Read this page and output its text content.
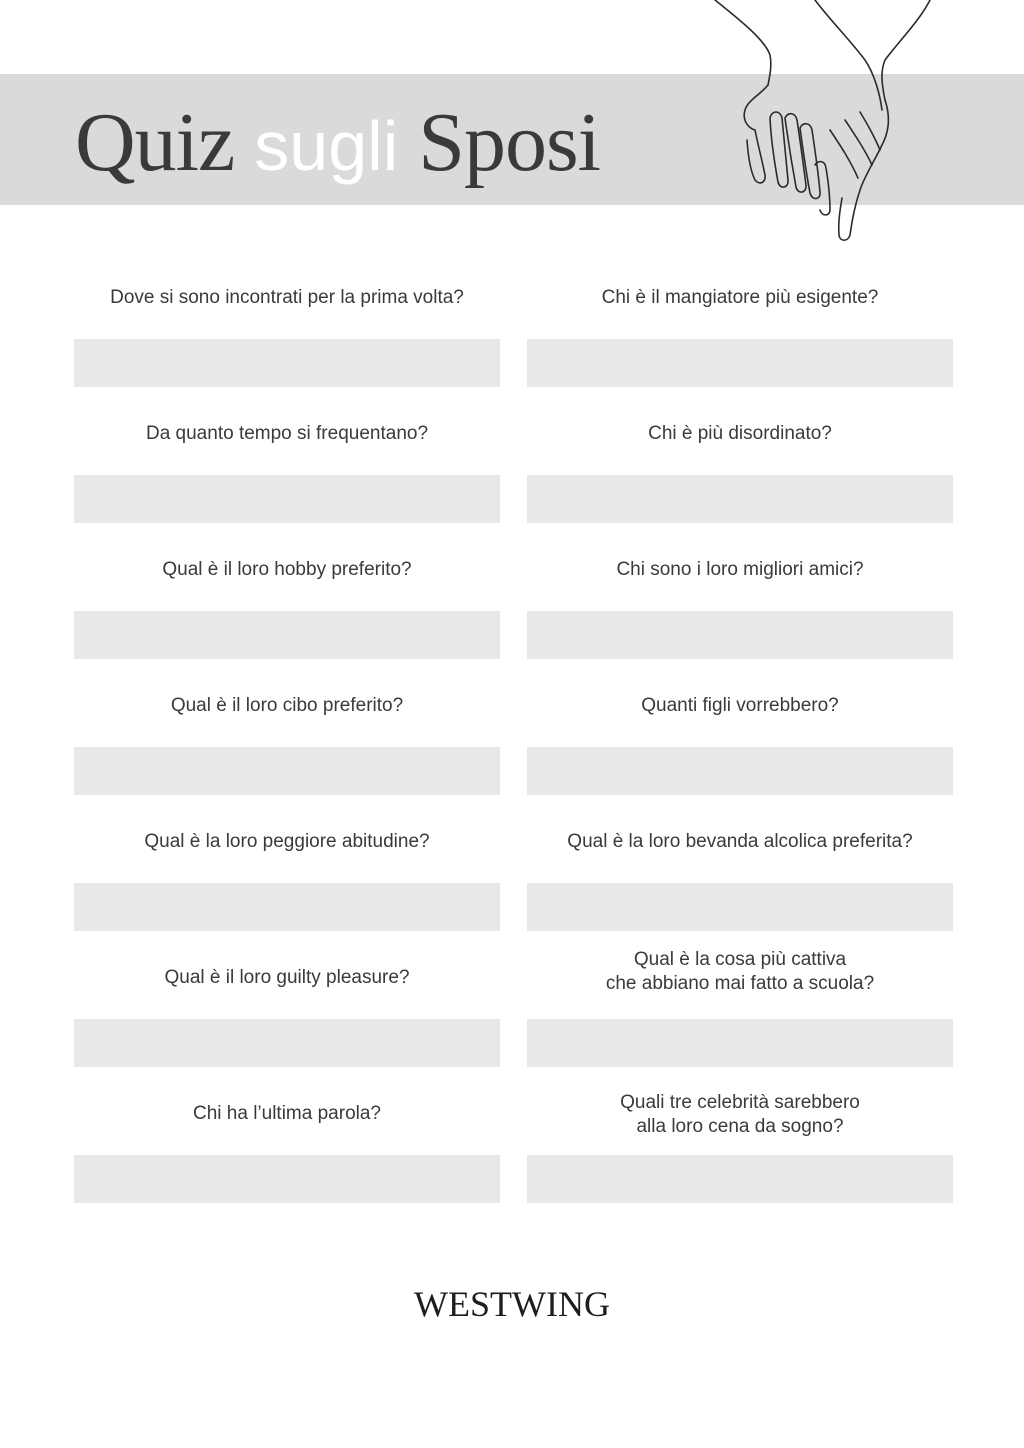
Quiz sugli Sposi
Dove si sono incontrati per la prima volta?
Da quanto tempo si frequentano?
Qual è il loro hobby preferito?
Qual è il loro cibo preferito?
Qual è la loro peggiore abitudine?
Qual è il loro guilty pleasure?
Chi ha l’ultima parola?
Chi è il mangiatore più esigente?
Chi è più disordinato?
Chi sono i loro migliori amici?
Quanti figli vorrebbero?
Qual è la loro bevanda alcolica preferita?
Qual è la cosa più cattiva
che abbiano mai fatto a scuola?
Quali tre celebrità sarebbero
alla loro cena da sogno?
WESTWING
